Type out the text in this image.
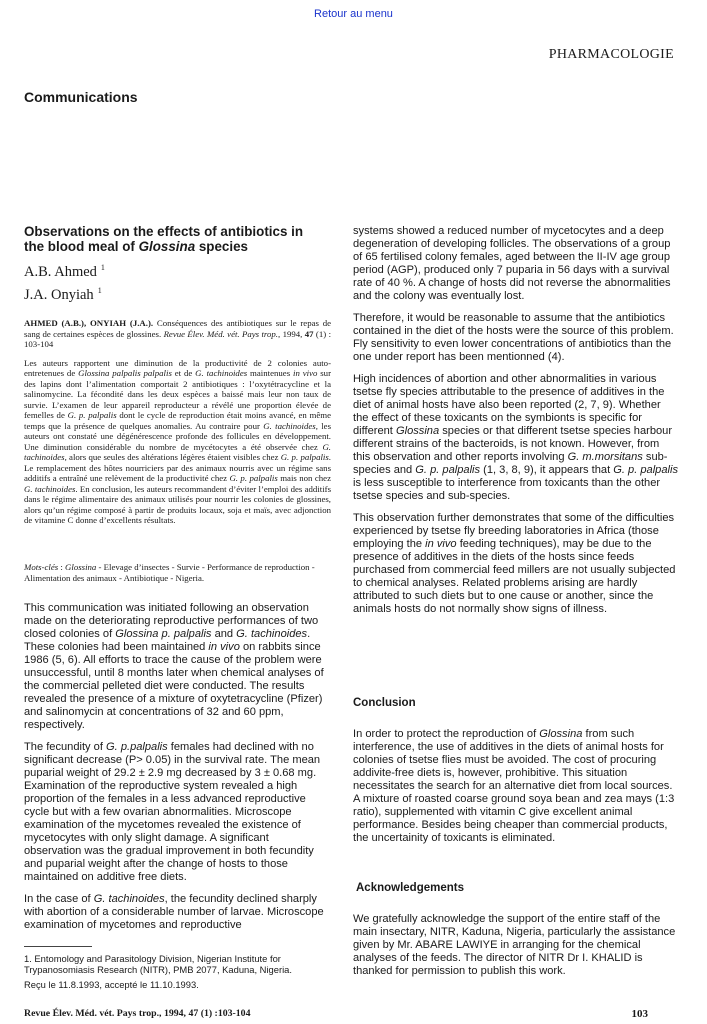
Retour au menu
PHARMACOLOGIE
Communications
Observations on the effects of antibiotics in the blood meal of Glossina species
A.B. Ahmed $^1$
J.A. Onyiah $^1$

AHMED (A.B.), ONYIAH (J.A.). Conséquences des antibiotiques sur le repas de sang de certaines espèces de glossines. Revue Élev. Méd. vét. Pays trop., 1994, 47 (1) : 103-104

Les auteurs rapportent une diminution de la productivité de 2 colonies auto-entretenues de Glossina palpalis palpalis et de G. tachinoides maintenues in vivo sur des lapins dont l’alimentation comportait 2 antibiotiques : l’oxytétracycline et la salinomycine. La fécondité dans les deux espèces a baissé mais leur non taux de survie. L’examen de leur appareil reproducteur a révélé une proportion élevée de femelles de G. p. palpalis dont le cycle de reproduction était moins avancé, en même temps que la présence de quelques anomalies. Au contraire pour G. tachinoides, les auteurs ont constaté une dégénérescence profonde des follicules en développement. Une diminution considérable du nombre de mycétocytes a été observée chez G. tachinoides, alors que seules des altérations légères étaient visibles chez G. p. palpalis. Le remplacement des hôtes nourriciers par des animaux nourris avec un régime sans additifs a entraîné une relèvement de la productivité chez G. p. palpalis mais non chez G. tachinoides. En conclusion, les auteurs recommandent d’éviter l’emploi des additifs dans le régime alimentaire des animaux utilisés pour nourrir les colonies de glossines, alors qu’un régime composé à partir de produits locaux, soja et maïs, avec adjonction de vitamine C donne d’excellents résultats.

Mots-clés : Glossina - Elevage d’insectes - Survie - Performance de reproduction - Alimentation des animaux - Antibiotique - Nigeria.

This communication was initiated following an observation made on the deteriorating reproductive performances of two closed colonies of Glossina p. palpalis and G. tachinoides. These colonies had been maintained in vivo on rabbits since 1986 (5, 6). All efforts to trace the cause of the problem were unsuccessful, until 8 months later when chemical analyses of the commercial pelleted diet were conducted. The results revealed the presence of a mixture of oxytetracycline (Pfizer) and salinomycin at concentrations of 32 and 60 ppm, respectively.

The fecundity of G. p.palpalis females had declined with no significant decrease (P> 0.05) in the survival rate. The mean puparial weight of 29.2 ± 2.9 mg decreased by 3 ± 0.68 mg. Examination of the reproductive system revealed a high proportion of the females in a less advanced reproductive cycle but with a few ovarian abnormalities. Microscope examination of the mycetomes revealed the existence of mycetocytes with only slight damage. A significant observation was the gradual improvement in both fecundity and puparial weight after the change of hosts to those maintained on additive free diets.

In the case of G. tachinoides, the fecundity declined sharply with abortion of a considerable number of larvae. Microscope examination of mycetomes and reproductive

systems showed a reduced number of mycetocytes and a deep degeneration of developing follicles. The observations of a group of 65 fertilised colony females, aged between the II-IV age group period (AGP), produced only 7 puparia in 56 days with a survival rate of 40 %. A change of hosts did not reverse the abnormalities and the colony was eventually lost.

Therefore, it would be reasonable to assume that the antibiotics contained in the diet of the hosts were the source of this problem. Fly sensitivity to even lower concentrations of antibiotics than the one under report has been mentionned (4).

High incidences of abortion and other abnormalities in various tsetse fly species attributable to the presence of additives in the diet of animal hosts have also been reported (2, 7, 9). Whether the effect of these toxicants on the symbionts is specific for different Glossina species or that different tsetse species harbour different strains of the bacteroids, is not known. However, from this observation and other reports involving G. m.morsitans sub-species and G. p. palpalis (1, 3, 8, 9), it appears that G. p. palpalis is less susceptible to interference from toxicants than the other tsetse species and sub-species.

This observation further demonstrates that some of the difficulties experienced by tsetse fly breeding laboratories in Africa (those employing the in vivo feeding techniques), may be due to the presence of additives in the diets of the hosts since feeds purchased from commercial feed millers are not usually subjected to chemical analyses. Related problems arising are hardly attributed to such diets but to one cause or another, since the animals hosts do not normally show signs of illness.

Conclusion
In order to protect the reproduction of Glossina from such interference, the use of additives in the diets of animal hosts for colonies of tsetse flies must be avoided. The cost of procuring addivite-free diets is, however, prohibitive. This situation necessitates the search for an alternative diet from local sources. A mixture of roasted coarse ground soya bean and zea mays (1:3 ratio), supplemented with vitamin C give excellent animal performance. Besides being cheaper than commercial products, the uncertainity of toxicants is eliminated.
Acknowledgements
We gratefully acknowledge the support of the entire staff of the main insectary, NITR, Kaduna, Nigeria, particularly the assistance given by Mr. ABARE LAWIYE in arranging for the chemical analyses of the feeds. The director of NITR Dr I. KHALID is thanked for permission to publish this work.
1. Entomology and Parasitology Division, Nigerian Institute for Trypanosomiasis Research (NITR), PMB 2077, Kaduna, Nigeria.
Reçu le 11.8.1993, accepté le 11.10.1993.
Revue Élev. Méd. vét. Pays trop., 1994, 47 (1) :103-104	103
